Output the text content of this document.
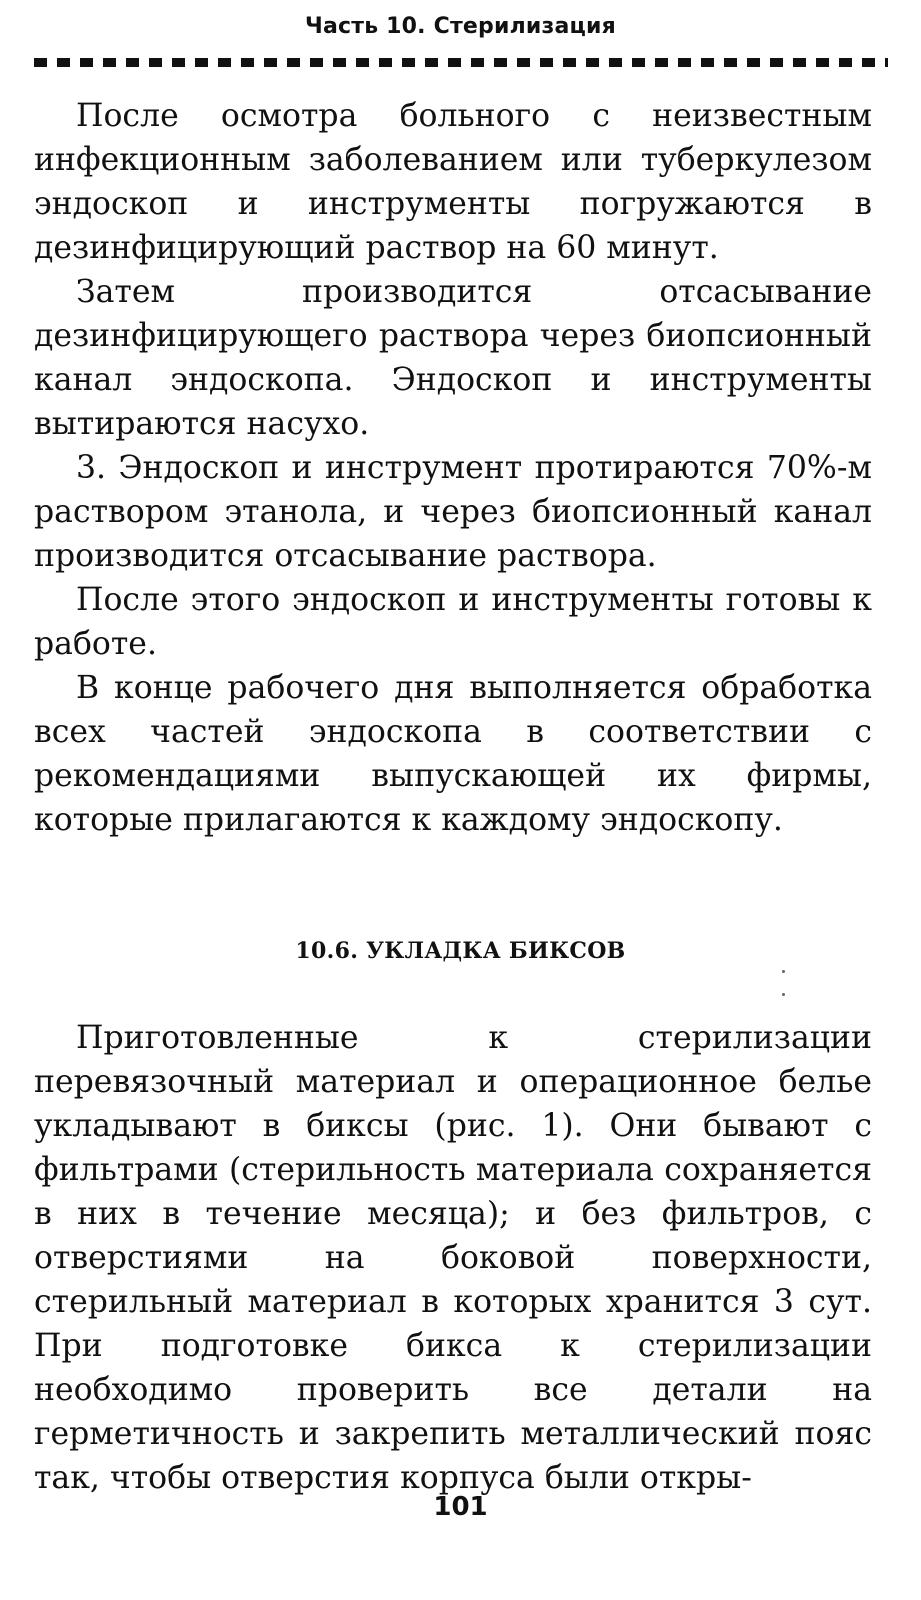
Часть 10. Стерилизация

После осмотра больного с неизвестным инфекционным заболеванием или туберкулезом эндоскоп и инструменты погружаются в дезинфицирующий раствор на 60 минут.

Затем производится отсасывание дезинфицирующего раствора через биопсионный канал эндоскопа. Эндоскоп и инструменты вытираются насухо.

3. Эндоскоп и инструмент протираются 70%-м раствором этанола, и через биопсионный канал производится отсасывание раствора.

После этого эндоскоп и инструменты готовы к работе.

В конце рабочего дня выполняется обработка всех частей эндоскопа в соответствии с рекомендациями выпускающей их фирмы, которые прилагаются к каждому эндоскопу.

10.6. УКЛАДКА БИКСОВ

Приготовленные к стерилизации перевязочный материал и операционное белье укладывают в биксы (рис. 1). Они бывают с фильтрами (стерильность материала сохраняется в них в течение месяца); и без фильтров, с отверстиями на боковой поверхности, стерильный материал в которых хранится 3 сут. При подготовке бикса к стерилизации необходимо проверить все детали на герметичность и закрепить металлический пояс так, чтобы отверстия корпуса были откры-

101
